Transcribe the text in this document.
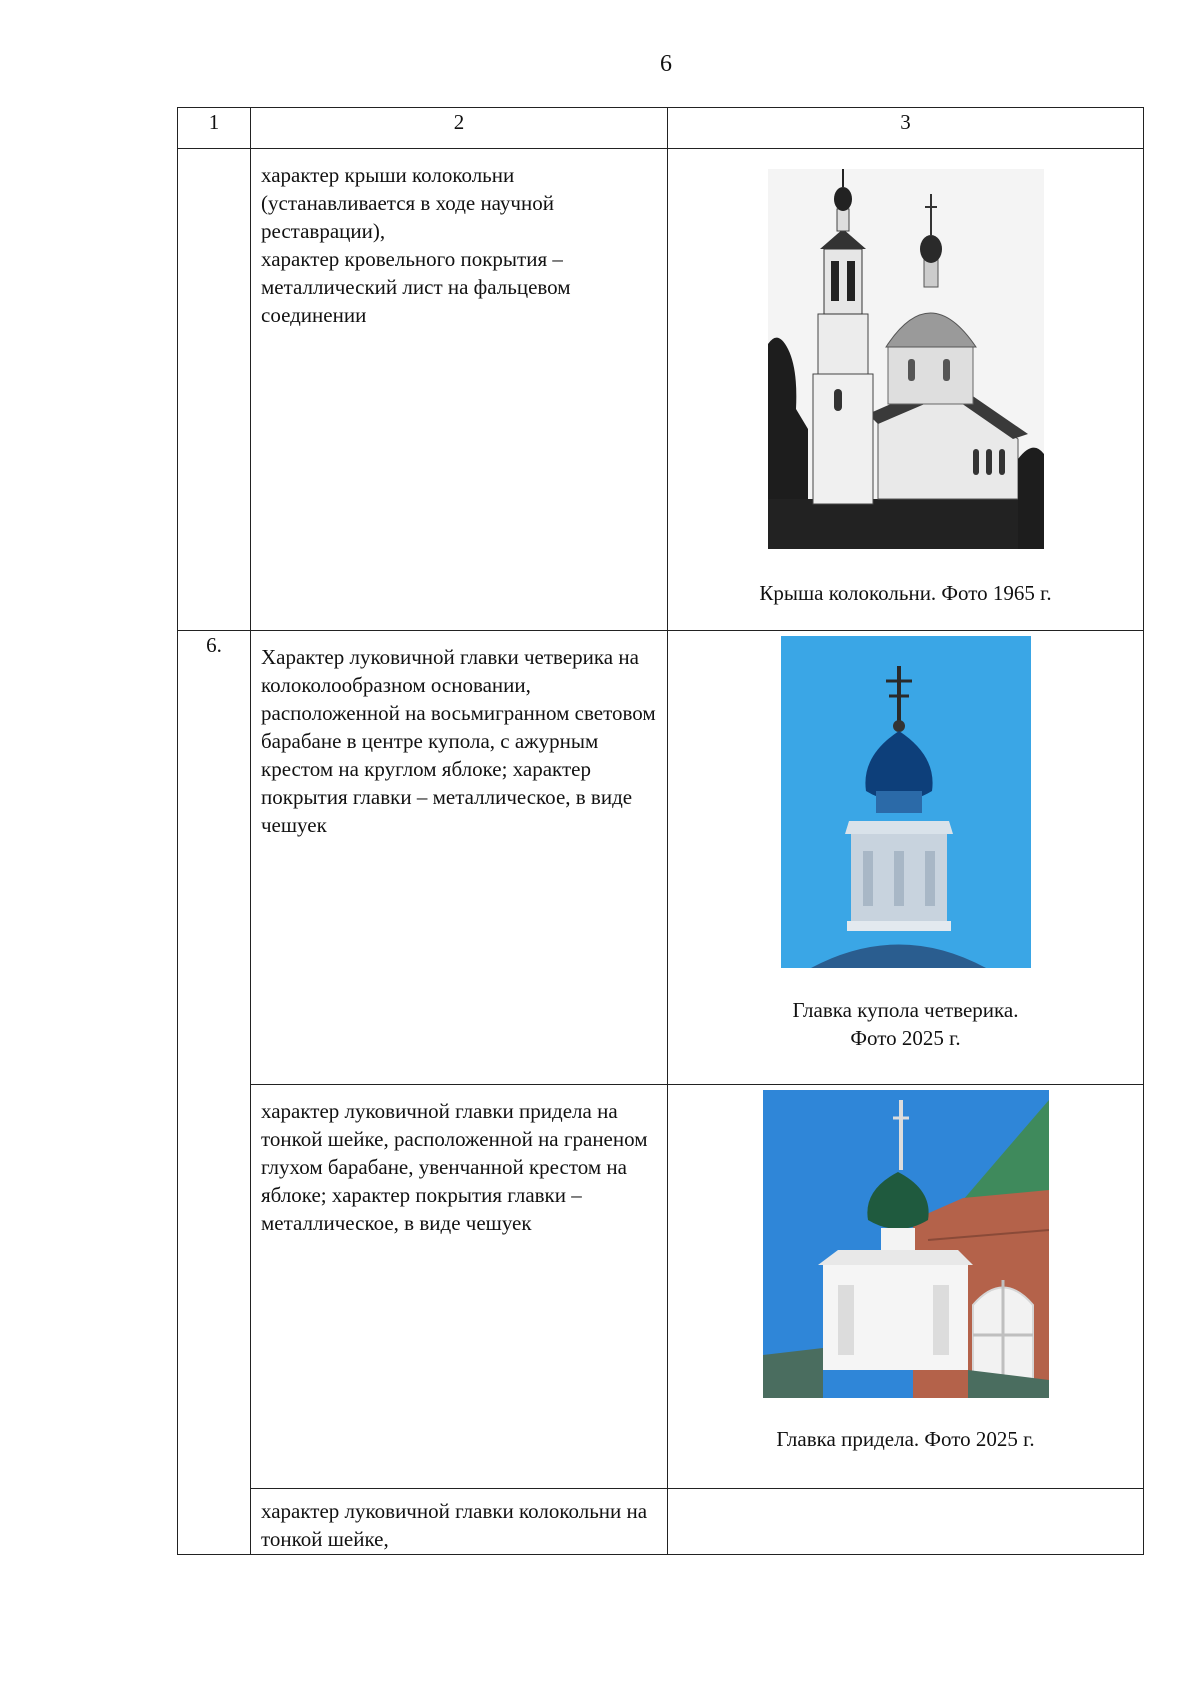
6
1	2	3

	характер крыши колокольни (устанавливается в ходе научной реставрации),
характер кровельного покрытия – металлический лист на фальцевом соединении	Крыша колокольни. Фото 1965 г.

6.	Характер луковичной главки четверика на колоколообразном основании, расположенной на восьмигранном световом барабане в центре купола, с ажурным крестом на круглом яблоке; характер покрытия главки – металлическое, в виде чешуек	Главка купола четверика.
Фото 2025 г.

	характер луковичной главки придела на тонкой шейке, расположенной на граненом глухом барабане, увенчанной крестом на яблоке; характер покрытия главки – металлическое, в виде чешуек	Главка придела. Фото 2025 г.

	характер луковичной главки колокольни на тонкой шейке,	
